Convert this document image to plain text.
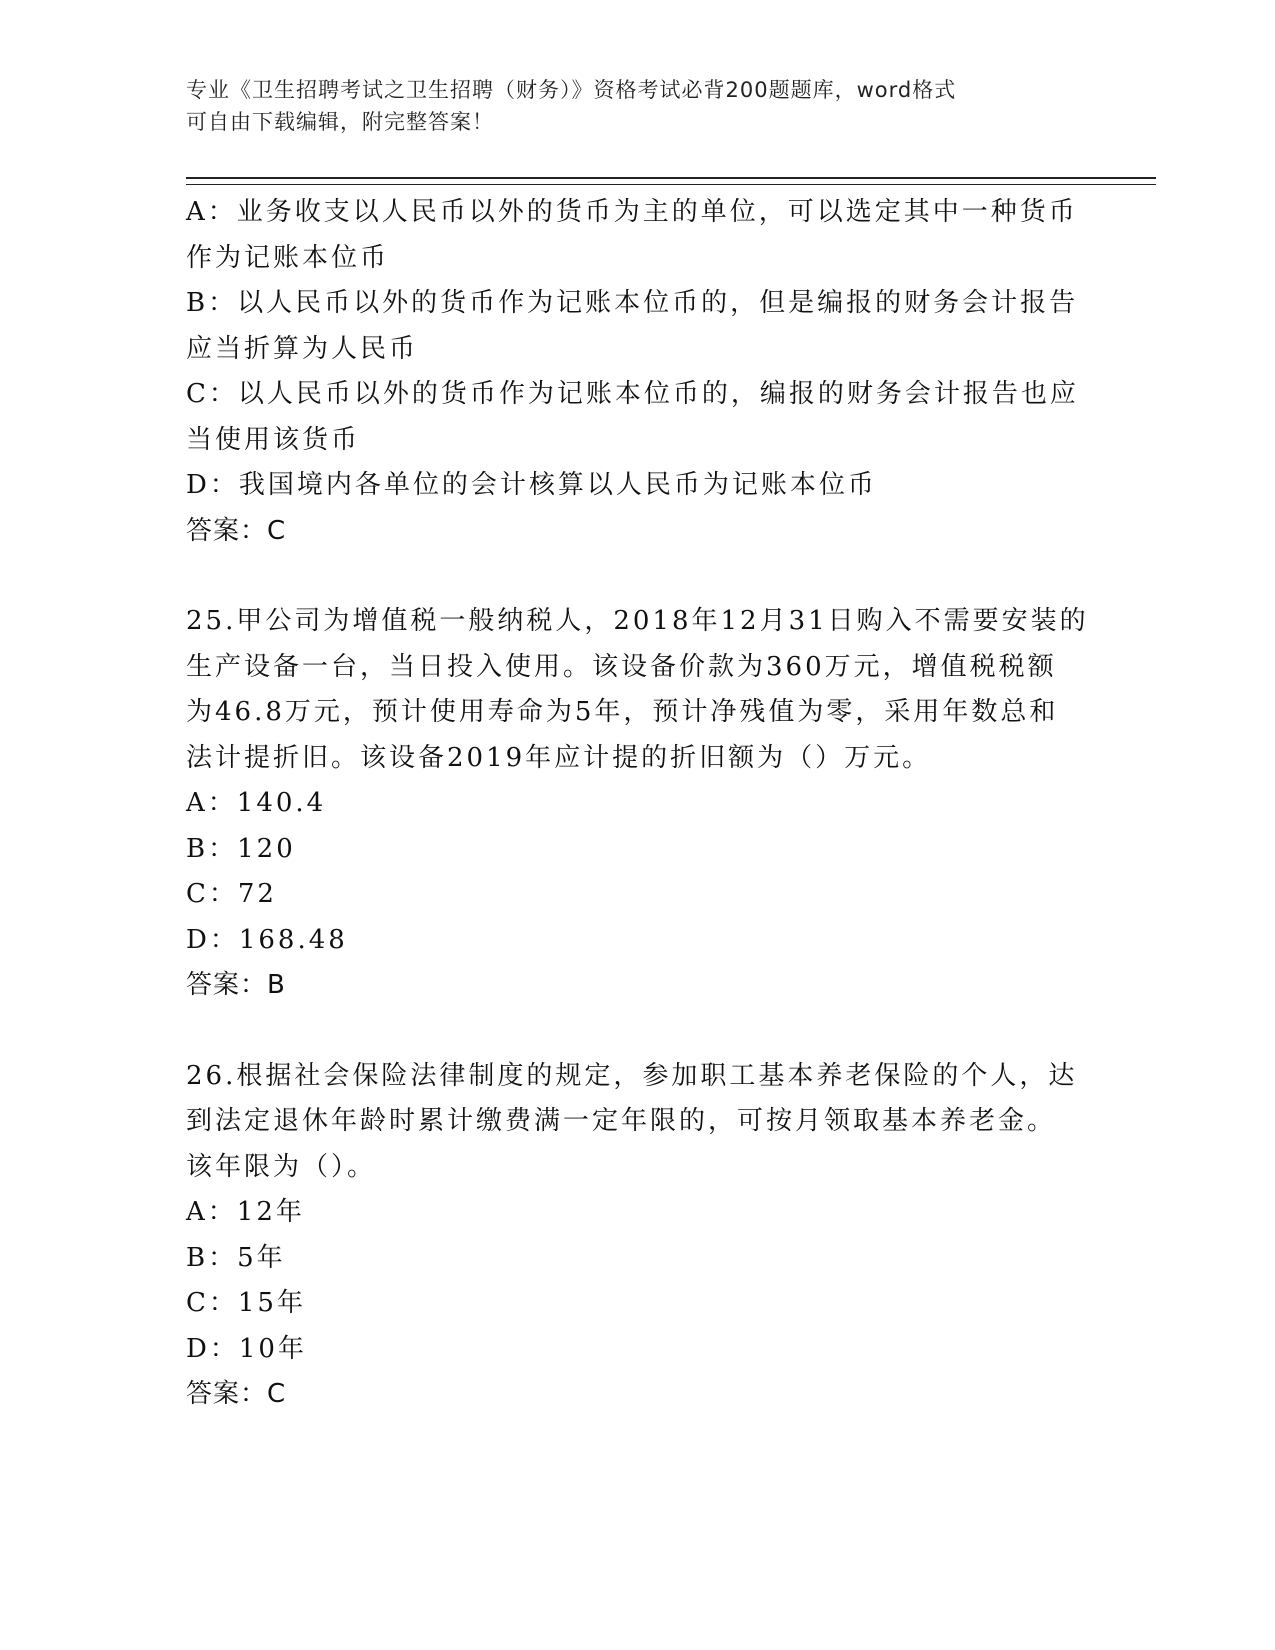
专业《卫生招聘考试之卫生招聘（财务）》资格考试必背200题题库，word格式
可自由下载编辑，附完整答案！
A：业务收支以人民币以外的货币为主的单位，可以选定其中一种货币
作为记账本位币
B：以人民币以外的货币作为记账本位币的，但是编报的财务会计报告
应当折算为人民币
C：以人民币以外的货币作为记账本位币的，编报的财务会计报告也应
当使用该货币
D：我国境内各单位的会计核算以人民币为记账本位币
答案：C
25.甲公司为增值税一般纳税人，2018年12月31日购入不需要安装的
生产设备一台，当日投入使用。该设备价款为360万元，增值税税额
为46.8万元，预计使用寿命为5年，预计净残值为零，采用年数总和
法计提折旧。该设备2019年应计提的折旧额为（）万元。
A：140.4
B：120
C：72
D：168.48
答案：B
26.根据社会保险法律制度的规定，参加职工基本养老保险的个人，达
到法定退休年龄时累计缴费满一定年限的，可按月领取基本养老金。
该年限为（）。
A：12年
B：5年
C：15年
D：10年
答案：C
